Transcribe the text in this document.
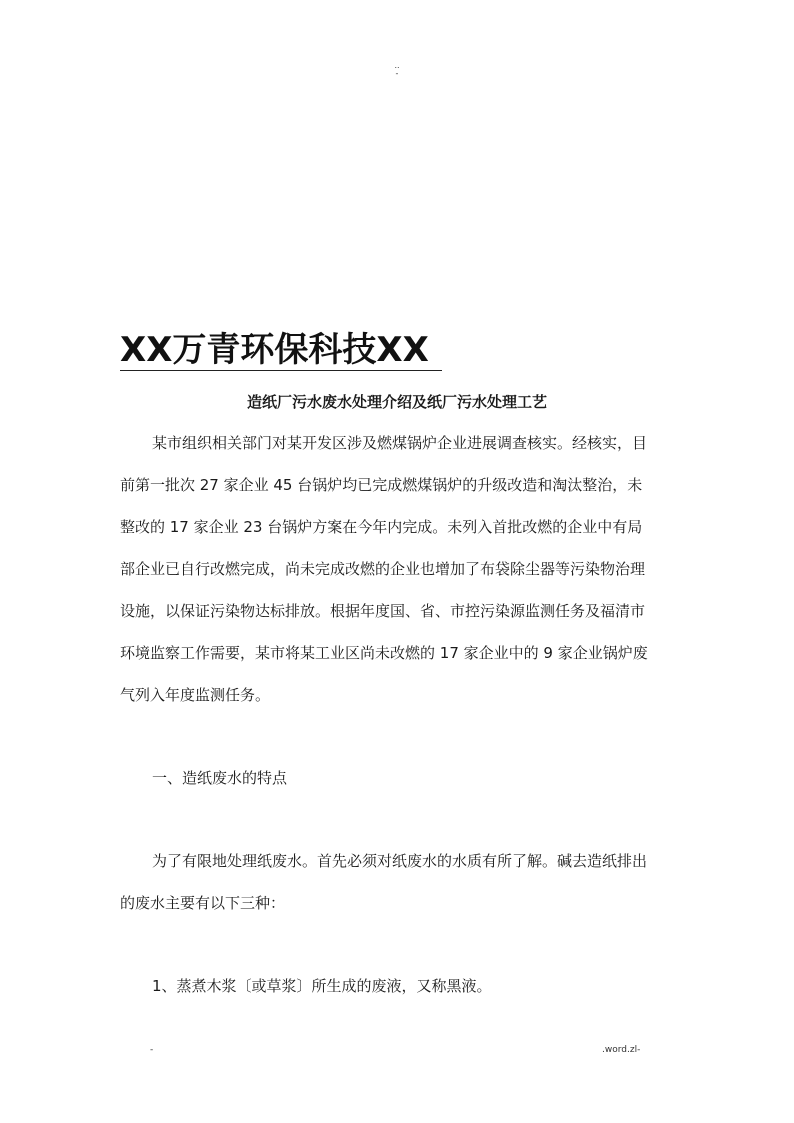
..
-
XX万青环保科技XX
造纸厂污水废水处理介绍及纸厂污水处理工艺

某市组织相关部门对某开发区涉及燃煤锅炉企业进展调查核实。经核实，目

前第一批次 27 家企业 45 台锅炉均已完成燃煤锅炉的升级改造和淘汰整治，未

整改的 17 家企业 23 台锅炉方案在今年内完成。未列入首批改燃的企业中有局

部企业已自行改燃完成，尚未完成改燃的企业也增加了布袋除尘器等污染物治理

设施，以保证污染物达标排放。根据年度国、省、市控污染源监测任务及福清市

环境监察工作需要，某市将某工业区尚未改燃的 17 家企业中的 9 家企业锅炉废

气列入年度监测任务。

一、造纸废水的特点

为了有限地处理纸废水。首先必须对纸废水的水质有所了解。碱去造纸排出

的废水主要有以下三种：

1、蒸煮木浆〔或草浆〕所生成的废液，又称黑液。

-	.word.zl-
